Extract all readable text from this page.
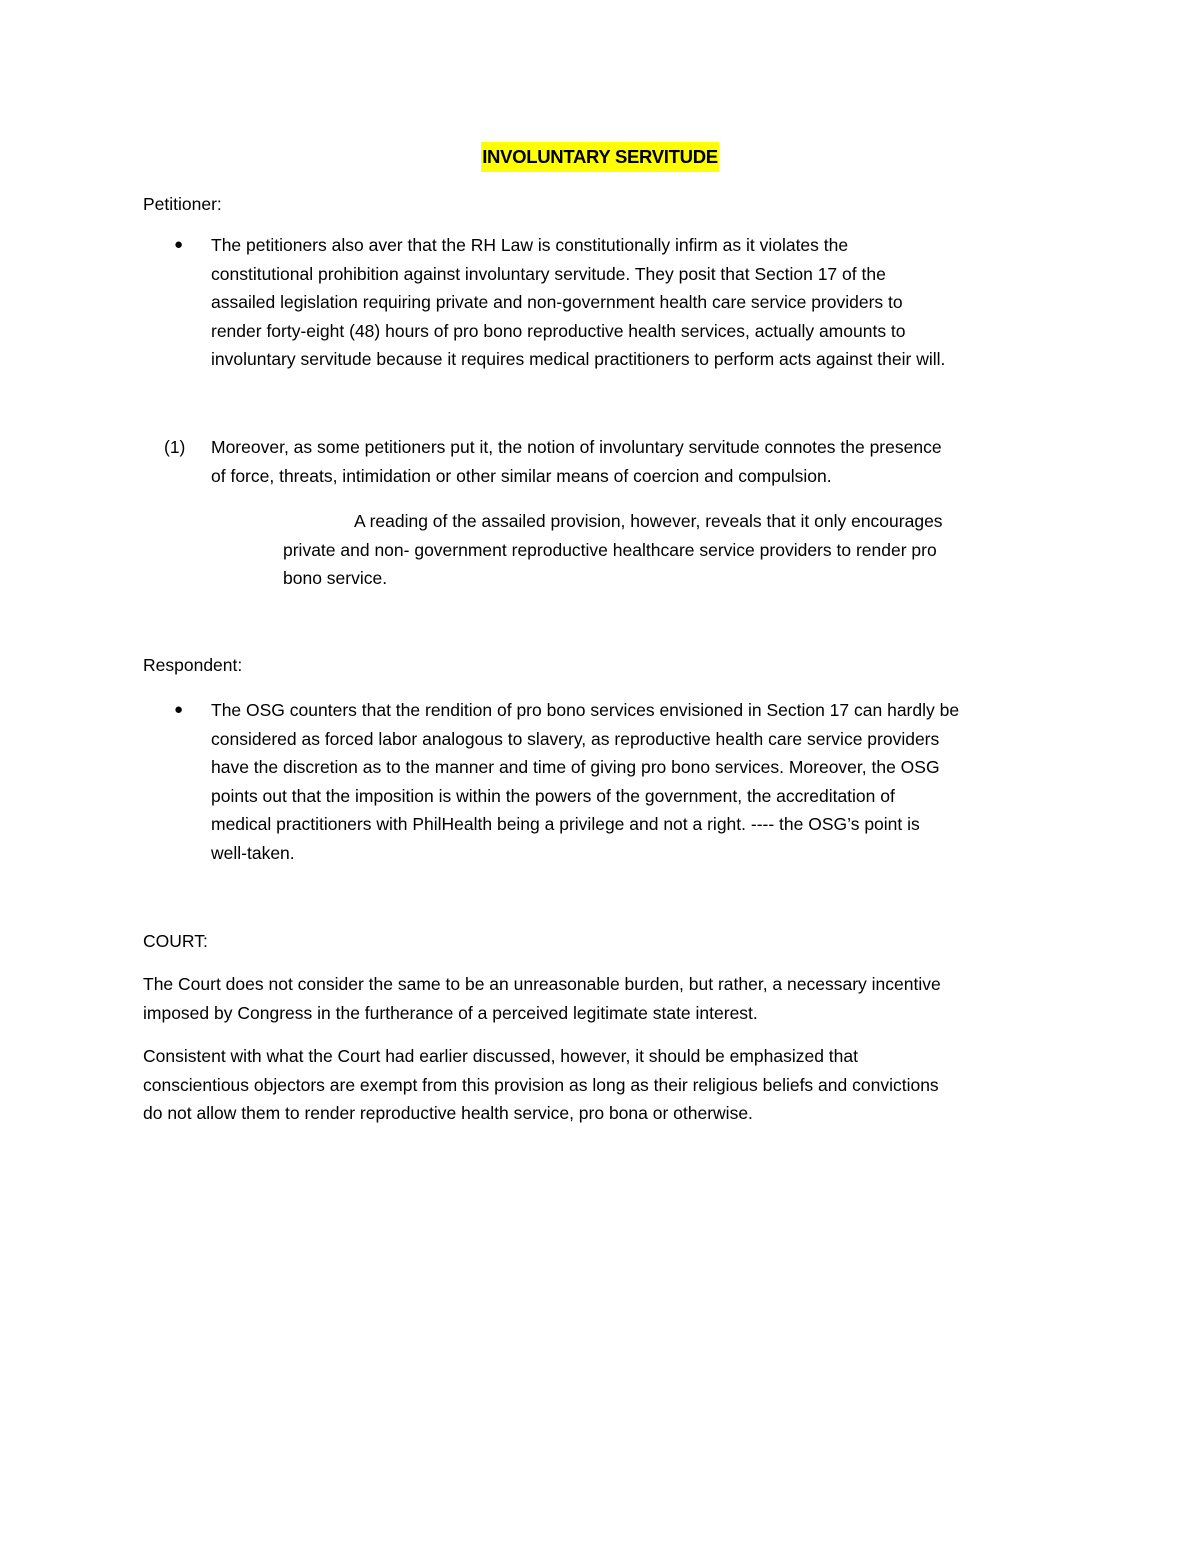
INVOLUNTARY SERVITUDE

Petitioner:

● The petitioners also aver that the RH Law is constitutionally infirm as it violates the
constitutional prohibition against involuntary servitude. They posit that Section 17 of the
assailed legislation requiring private and non-government health care service providers to
render forty-eight (48) hours of pro bono reproductive health services, actually amounts to
involuntary servitude because it requires medical practitioners to perform acts against their will.

(1) Moreover, as some petitioners put it, the notion of involuntary servitude connotes the presence
of force, threats, intimidation or other similar means of coercion and compulsion.
A reading of the assailed provision, however, reveals that it only encourages
private and non- government reproductive healthcare service providers to render pro
bono service.

Respondent:

● The OSG counters that the rendition of pro bono services envisioned in Section 17 can hardly be
considered as forced labor analogous to slavery, as reproductive health care service providers
have the discretion as to the manner and time of giving pro bono services. Moreover, the OSG
points out that the imposition is within the powers of the government, the accreditation of
medical practitioners with PhilHealth being a privilege and not a right. ---- the OSG’s point is
well-taken.

COURT:

The Court does not consider the same to be an unreasonable burden, but rather, a necessary incentive
imposed by Congress in the furtherance of a perceived legitimate state interest.
Consistent with what the Court had earlier discussed, however, it should be emphasized that
conscientious objectors are exempt from this provision as long as their religious beliefs and convictions
do not allow them to render reproductive health service, pro bona or otherwise.
